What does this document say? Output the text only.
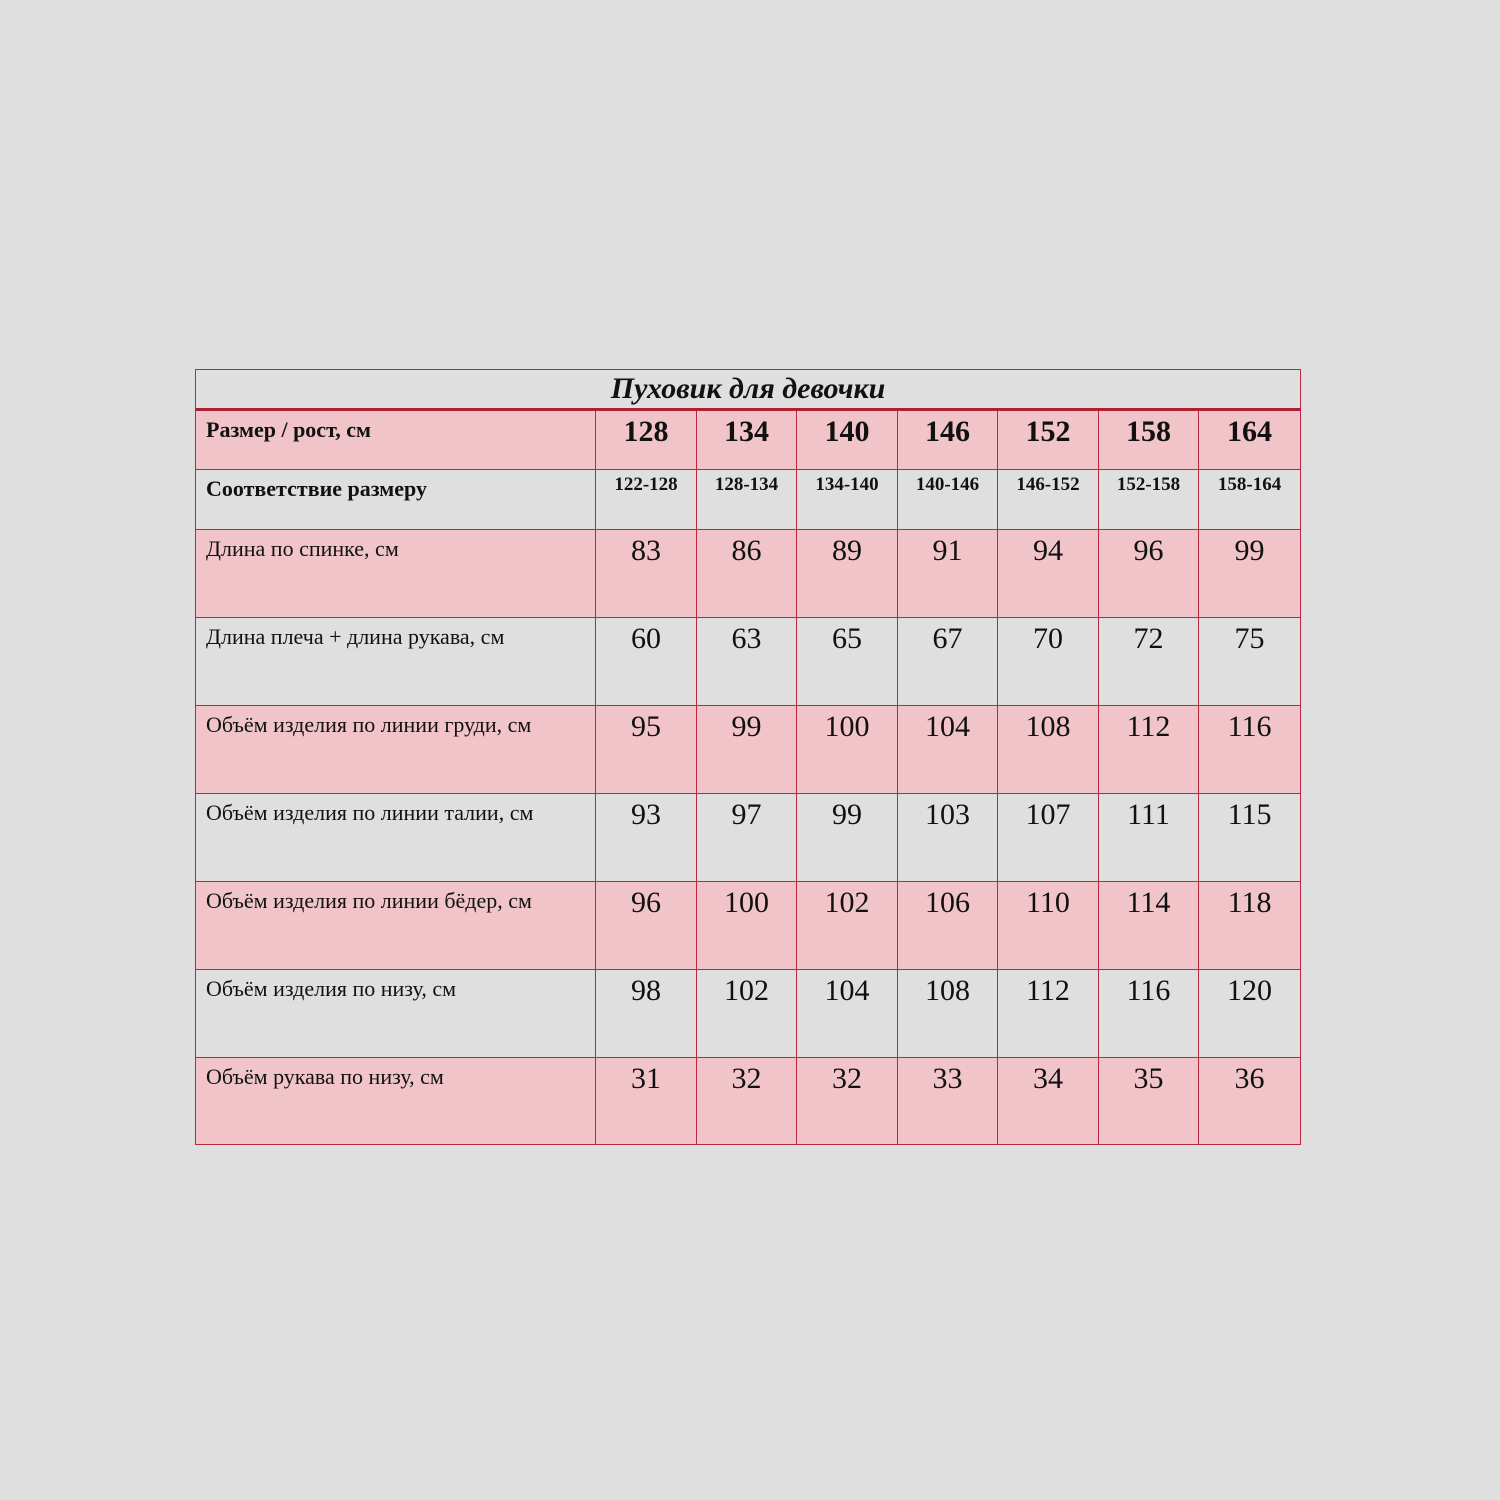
Пуховик для девочки							
Размер / рост, см	128	134	140	146	152	158	164
Соответствие размеру	122-128	128-134	134-140	140-146	146-152	152-158	158-164
Длина по спинке, см	83	86	89	91	94	96	99
Длина плеча + длина рукава, см	60	63	65	67	70	72	75
Объём изделия по линии груди, см	95	99	100	104	108	112	116
Объём изделия по линии талии, см	93	97	99	103	107	111	115
Объём изделия по линии бёдер, см	96	100	102	106	110	114	118
Объём изделия по низу, см	98	102	104	108	112	116	120
Объём рукава по низу, см	31	32	32	33	34	35	36
